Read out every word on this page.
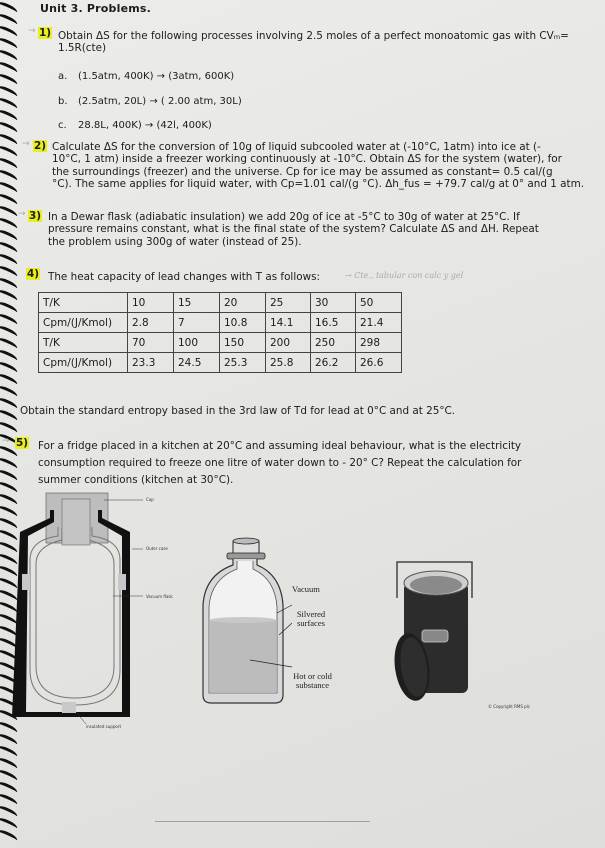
Unit 3. Problems.
→ 1) Obtain ΔS for the following processes involving 2.5 moles of a perfect monoatomic gas with CVₘ=
1.5R(cte)
a. (1.5atm, 400K) → (3atm, 600K)
b. (2.5atm, 20L) → ( 2.00 atm, 30L)
c. 28.8L, 400K) → (42l, 400K)
→ 2) Calculate ΔS for the conversion of 10g of liquid subcooled water at (-10°C, 1atm) into ice at (-
10°C, 1 atm) inside a freezer working continuously at -10°C. Obtain ΔS for the system (water), for
the surroundings (freezer) and the universe. Cp for ice may be assumed as constant= 0.5 cal/(g
°C). The same applies for liquid water, with Cp=1.01 cal/(g °C). Δh_fus = +79.7 cal/g at 0° and 1 atm.
→ 3) In a Dewar flask (adiabatic insulation) we add 20g of ice at -5°C to 30g of water at 25°C. If
pressure remains constant, what is the final state of the system? Calculate ΔS and ΔH. Repeat
the problem using 300g of water (instead of 25).
4) The heat capacity of lead changes with T as follows:	→ Cte., tabular con calc y gel
T/K	10	15	20	25	30	50
Cpm/(J/Kmol)	2.8	7	10.8	14.1	16.5	21.4
T/K	70	100	150	200	250	298
Cpm/(J/Kmol)	23.3	24.5	25.3	25.8	26.2	26.6
Obtain the standard entropy based in the 3rd law of Td for lead at 0°C and at 25°C.
→ 5) For a fridge placed in a kitchen at 20°C and assuming ideal behaviour, what is the electricity
consumption required to freeze one litre of water down to - 20° C? Repeat the calculation for
summer conditions (kitchen at 30°C).
Cap
Outer case
Vacuum flask
insulated support
Vacuum
Silvered surfaces
Hot or cold substance
© Copyright RMS plc
